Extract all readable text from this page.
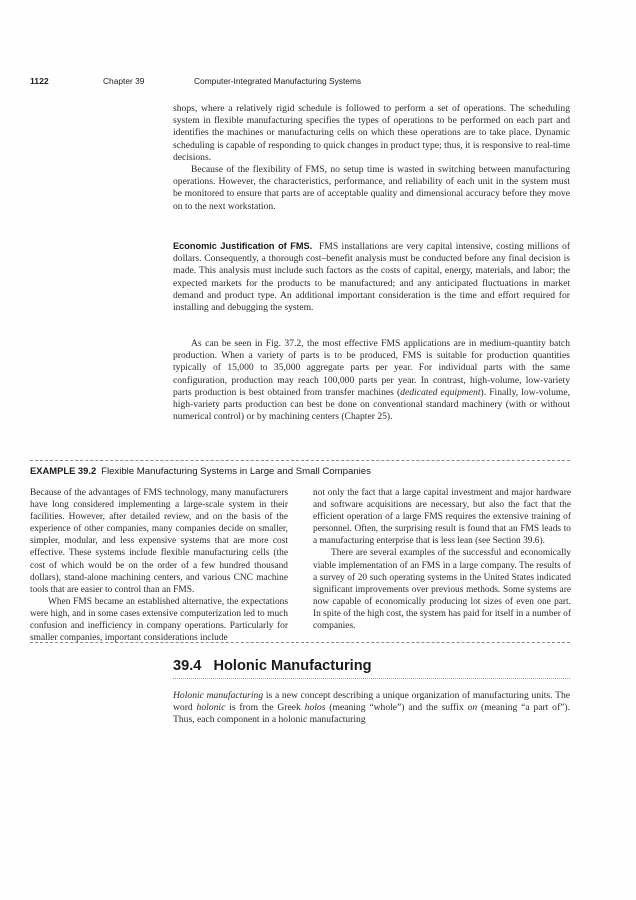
1122	Chapter 39	Computer-Integrated Manufacturing Systems

shops, where a relatively rigid schedule is followed to perform a set of operations. The scheduling system in flexible manufacturing specifies the types of operations to be performed on each part and identifies the machines or manufacturing cells on which these operations are to take place. Dynamic scheduling is capable of responding to quick changes in product type; thus, it is responsive to real-time decisions.

Because of the flexibility of FMS, no setup time is wasted in switching between manufacturing operations. However, the characteristics, performance, and reliability of each unit in the system must be monitored to ensure that parts are of acceptable quality and dimensional accuracy before they move on to the next workstation.

Economic Justification of FMS. FMS installations are very capital intensive, costing millions of dollars. Consequently, a thorough cost–benefit analysis must be conducted before any final decision is made. This analysis must include such factors as the costs of capital, energy, materials, and labor; the expected markets for the products to be manufactured; and any anticipated fluctuations in market demand and product type. An additional important consideration is the time and effort required for installing and debugging the system.

As can be seen in Fig. 37.2, the most effective FMS applications are in medium-quantity batch production. When a variety of parts is to be produced, FMS is suitable for production quantities typically of 15,000 to 35,000 aggregate parts per year. For individual parts with the same configuration, production may reach 100,000 parts per year. In contrast, high-volume, low-variety parts production is best obtained from transfer machines (dedicated equipment). Finally, low-volume, high-variety parts production can best be done on conventional standard machinery (with or without numerical control) or by machining centers (Chapter 25).

EXAMPLE 39.2 Flexible Manufacturing Systems in Large and Small Companies

Because of the advantages of FMS technology, many manufacturers have long considered implementing a large-scale system in their facilities. However, after detailed review, and on the basis of the experience of other companies, many companies decide on smaller, simpler, modular, and less expensive systems that are more cost effective. These systems include flexible manufacturing cells (the cost of which would be on the order of a few hundred thousand dollars), stand-alone machining centers, and various CNC machine tools that are easier to control than an FMS.

When FMS became an established alternative, the expectations were high, and in some cases extensive computerization led to much confusion and inefficiency in company operations. Particularly for smaller companies, important considerations include

not only the fact that a large capital investment and major hardware and software acquisitions are necessary, but also the fact that the efficient operation of a large FMS requires the extensive training of personnel. Often, the surprising result is found that an FMS leads to a manufacturing enterprise that is less lean (see Section 39.6).

There are several examples of the successful and economically viable implementation of an FMS in a large company. The results of a survey of 20 such operating systems in the United States indicated significant improvements over previous methods. Some systems are now capable of economically producing lot sizes of even one part. In spite of the high cost, the system has paid for itself in a number of companies.

39.4 Holonic Manufacturing

Holonic manufacturing is a new concept describing a unique organization of manufacturing units. The word holonic is from the Greek holos (meaning “whole”) and the suffix on (meaning “a part of”). Thus, each component in a holonic manufacturing
